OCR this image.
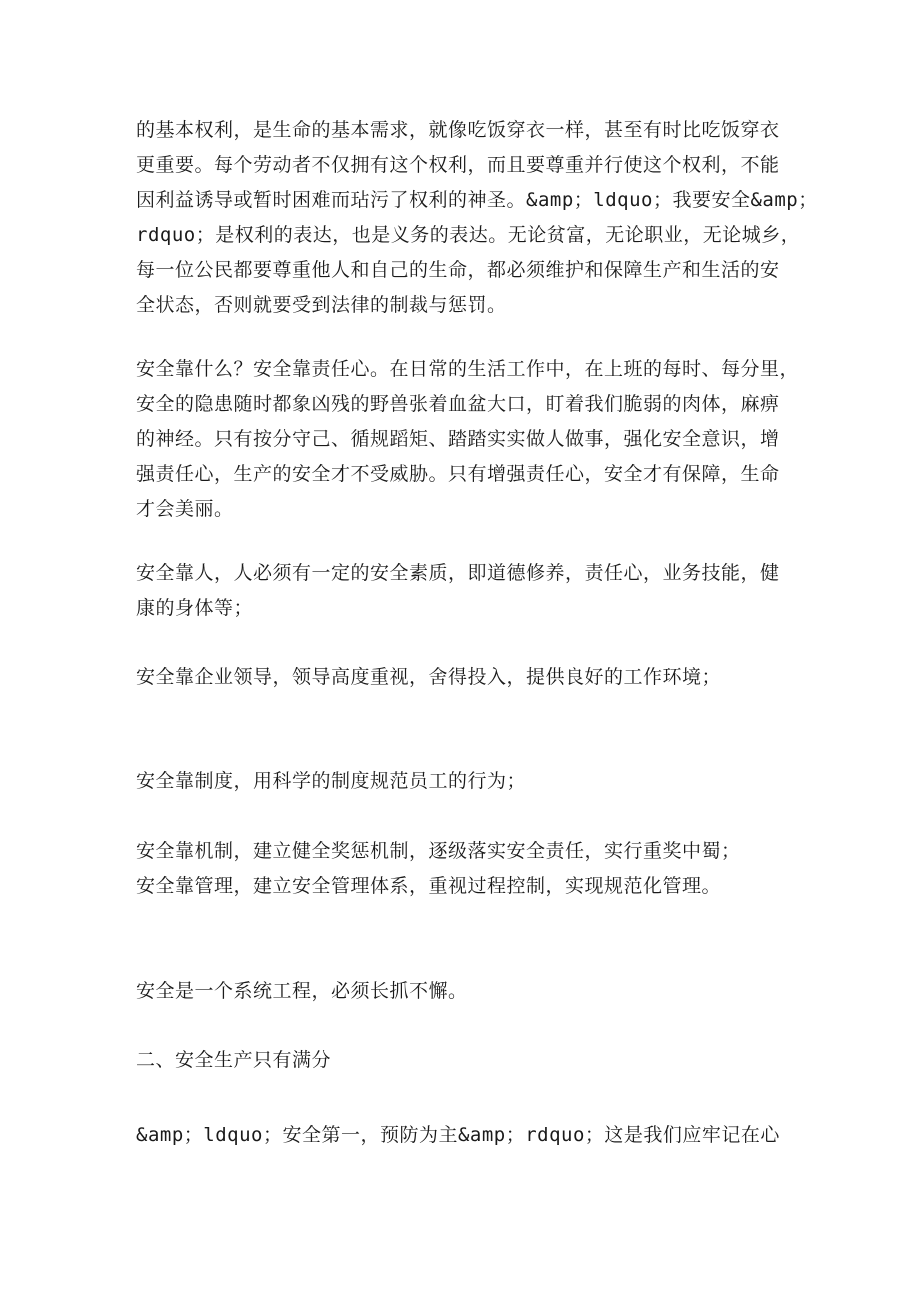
的基本权利，是生命的基本需求，就像吃饭穿衣一样，甚至有时比吃饭穿衣
更重要。每个劳动者不仅拥有这个权利，而且要尊重并行使这个权利，不能
因利益诱导或暂时困难而玷污了权利的神圣。&amp；ldquo；我要安全&amp；
rdquo；是权利的表达，也是义务的表达。无论贫富，无论职业，无论城乡，
每一位公民都要尊重他人和自己的生命，都必须维护和保障生产和生活的安
全状态，否则就要受到法律的制裁与惩罚。
安全靠什么？安全靠责任心。在日常的生活工作中，在上班的每时、每分里，
安全的隐患随时都象凶残的野兽张着血盆大口，盯着我们脆弱的肉体，麻痹
的神经。只有按分守己、循规蹈矩、踏踏实实做人做事，强化安全意识，增
强责任心，生产的安全才不受威胁。只有增强责任心，安全才有保障，生命
才会美丽。
安全靠人，人必须有一定的安全素质，即道德修养，责任心，业务技能，健
康的身体等；
安全靠企业领导，领导高度重视，舍得投入，提供良好的工作环境；
安全靠制度，用科学的制度规范员工的行为；
安全靠机制，建立健全奖惩机制，逐级落实安全责任，实行重奖中蜀；
安全靠管理，建立安全管理体系，重视过程控制，实现规范化管理。
安全是一个系统工程，必须长抓不懈。
二、安全生产只有满分
&amp；ldquo；安全第一，预防为主&amp；rdquo；这是我们应牢记在心
